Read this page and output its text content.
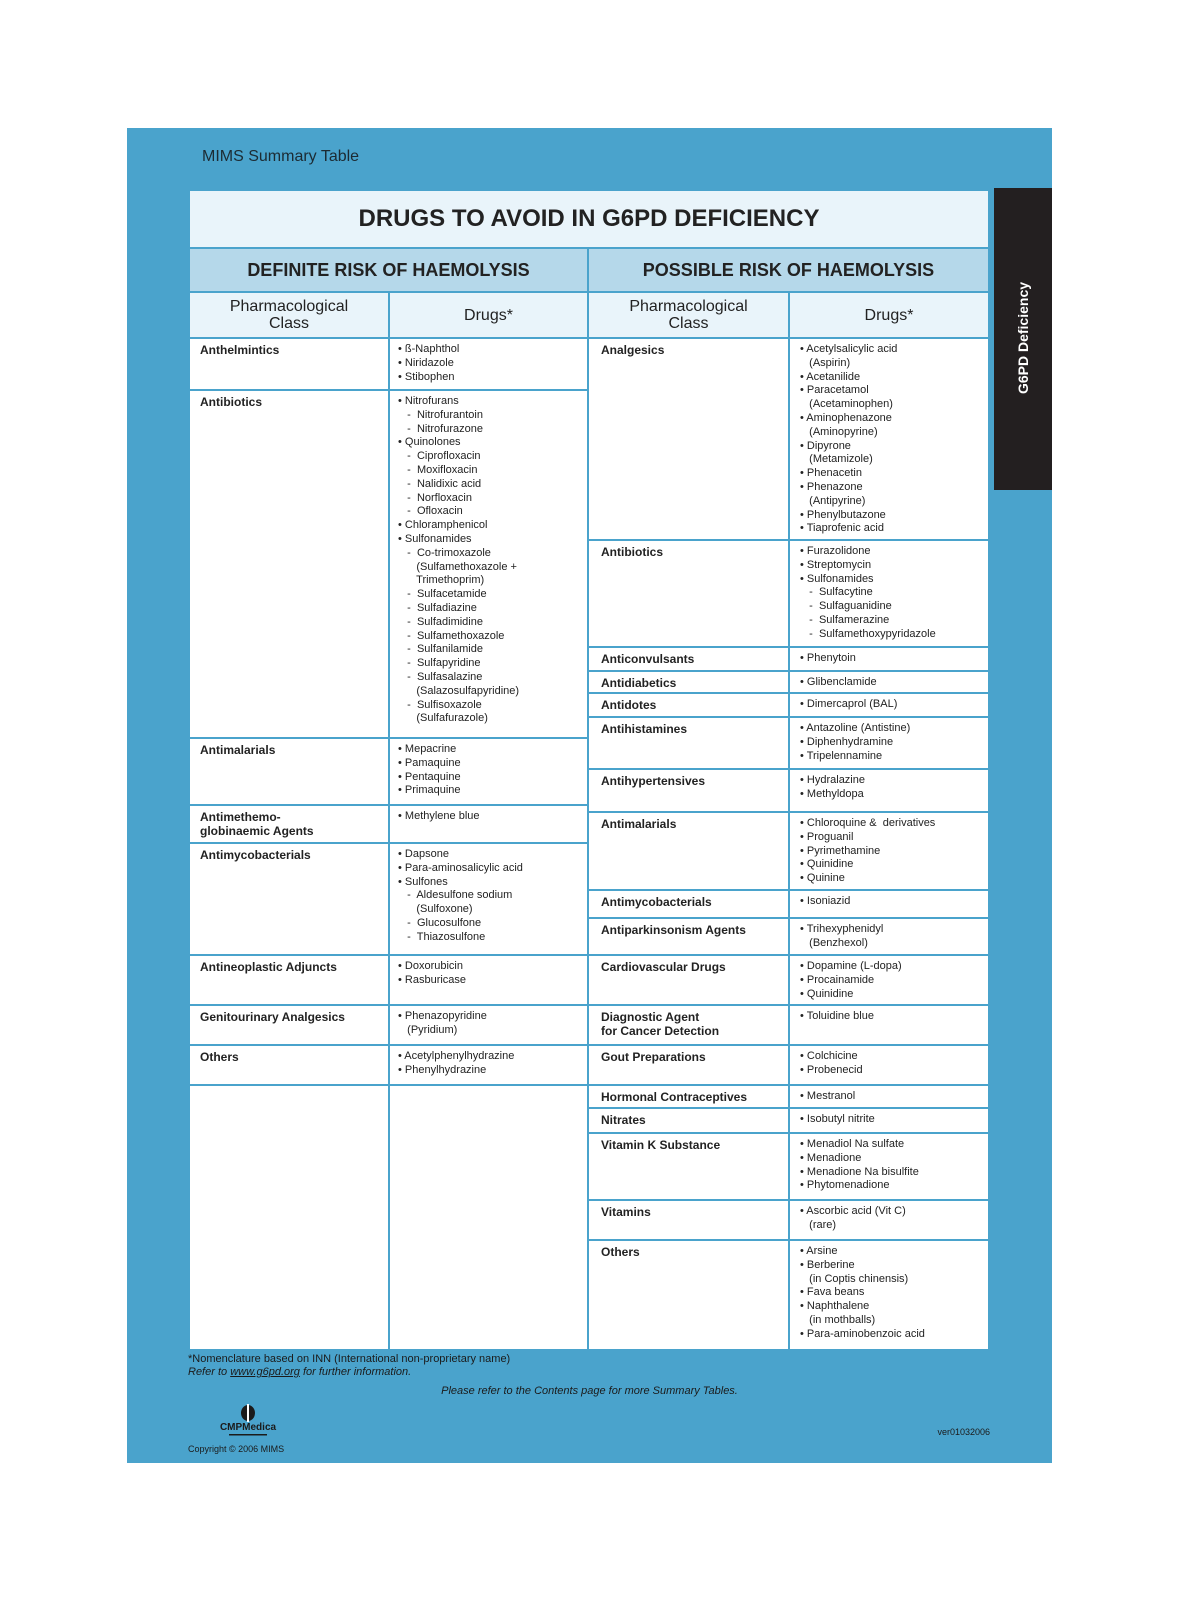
MIMS Summary Table
G6PD Deficiency
DRUGS TO AVOID IN G6PD DEFICIENCY
DEFINITE RISK OF HAEMOLYSIS	POSSIBLE RISK OF HAEMOLYSIS
Pharmacological
Class	Drugs*	Pharmacological
Class	Drugs*
Anthelmintics	• ß-Naphthol
• Niridazole
• Stibophen
Antibiotics	• Nitrofurans
-  Nitrofurantoin
-  Nitrofurazone
• Quinolones
-  Ciprofloxacin
-  Moxifloxacin
-  Nalidixic acid
-  Norfloxacin
-  Ofloxacin
• Chloramphenicol
• Sulfonamides
-  Co-trimoxazole
(Sulfamethoxazole +
Trimethoprim)
-  Sulfacetamide
-  Sulfadiazine
-  Sulfadimidine
-  Sulfamethoxazole
-  Sulfanilamide
-  Sulfapyridine
-  Sulfasalazine
(Salazosulfapyridine)
-  Sulfisoxazole
(Sulfafurazole)
Antimalarials	• Mepacrine
• Pamaquine
• Pentaquine
• Primaquine
Antimethemo-
globinaemic Agents
• Methylene blue
Antimycobacterials	• Dapsone
• Para-aminosalicylic acid
• Sulfones
-  Aldesulfone sodium
(Sulfoxone)
-  Glucosulfone
-  Thiazosulfone
Antineoplastic Adjuncts	• Doxorubicin
• Rasburicase
Genitourinary Analgesics	• Phenazopyridine
(Pyridium)
Others	• Acetylphenylhydrazine
• Phenylhydrazine
Analgesics	• Acetylsalicylic acid
(Aspirin)
• Acetanilide
• Paracetamol
(Acetaminophen)
• Aminophenazone
(Aminopyrine)
• Dipyrone
(Metamizole)
• Phenacetin
• Phenazone
(Antipyrine)
• Phenylbutazone
• Tiaprofenic acid
Antibiotics	• Furazolidone
• Streptomycin
• Sulfonamides
-  Sulfacytine
-  Sulfaguanidine
-  Sulfamerazine
-  Sulfamethoxypyridazole
Anticonvulsants	• Phenytoin
Antidiabetics	• Glibenclamide
Antidotes	• Dimercaprol (BAL)
Antihistamines	• Antazoline (Antistine)
• Diphenhydramine
• Tripelennamine
Antihypertensives	• Hydralazine
• Methyldopa
Antimalarials	• Chloroquine &  derivatives
• Proguanil
• Pyrimethamine
• Quinidine
• Quinine
Antimycobacterials	• Isoniazid
Antiparkinsonism Agents	• Trihexyphenidyl
(Benzhexol)
Cardiovascular Drugs	• Dopamine (L-dopa)
• Procainamide
• Quinidine
Diagnostic Agent
for Cancer Detection
• Toluidine blue
Gout Preparations	• Colchicine
• Probenecid
Hormonal Contraceptives	• Mestranol
Nitrates	• Isobutyl nitrite
Vitamin K Substance	• Menadiol Na sulfate
• Menadione
• Menadione Na bisulfite
• Phytomenadione
Vitamins	• Ascorbic acid (Vit C)
(rare)
Others	• Arsine
• Berberine
(in Coptis chinensis)
• Fava beans
• Naphthalene
(in mothballs)
• Para-aminobenzoic acid
*Nomenclature based on INN (International non-proprietary name)
Refer to www.g6pd.org for further information.
Please refer to the Contents page for more Summary Tables.
CMPMedica
Copyright © 2006 MIMS
ver01032006
